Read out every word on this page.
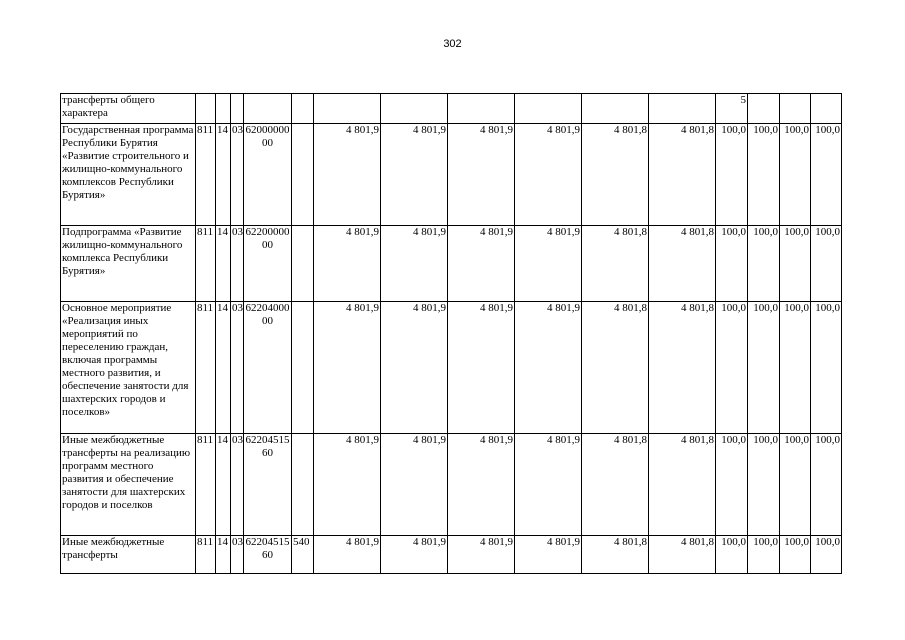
302
трансферты общего характера												5			
Государственная программа Республики Бурятия «Развитие строительного и жилищно-коммунального комплексов Республики Бурятия»	811	14	03	6200000000		4 801,9	4 801,9	4 801,9	4 801,9	4 801,8	4 801,8	100,0	100,0	100,0	100,0
Подпрограмма «Развитие жилищно-коммунального комплекса Республики Бурятия»	811	14	03	6220000000		4 801,9	4 801,9	4 801,9	4 801,9	4 801,8	4 801,8	100,0	100,0	100,0	100,0
Основное мероприятие «Реализация иных мероприятий по переселению граждан, включая программы местного развития, и обеспечение занятости для шахтерских городов и поселков»	811	14	03	6220400000		4 801,9	4 801,9	4 801,9	4 801,9	4 801,8	4 801,8	100,0	100,0	100,0	100,0
Иные межбюджетные трансферты на реализацию программ местного развития и обеспечение занятости для шахтерских городов и поселков	811	14	03	6220451560		4 801,9	4 801,9	4 801,9	4 801,9	4 801,8	4 801,8	100,0	100,0	100,0	100,0
Иные межбюджетные трансферты	811	14	03	6220451560	540	4 801,9	4 801,9	4 801,9	4 801,9	4 801,8	4 801,8	100,0	100,0	100,0	100,0
